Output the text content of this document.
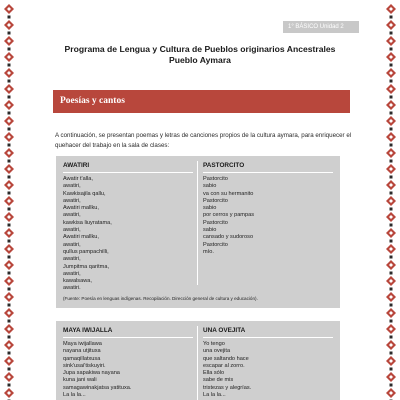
1° BÁSICO Unidad 2
Programa de Lengua y Cultura de Pueblos originarios Ancestrales
Pueblo Aymara
Poesías y cantos
A continuación, se presentan poemas y letras de canciones propios de la cultura aymara, para enriquecer el quehacer del trabajo en la sala de clases:
AWATIRI
Awatir t'alla,
awatiri,
Kawkisajila qallu,
awatiri,
Awatiri mallku,
awatiri,
kawkisa liuyratama,
awatiri,
Awatiri mallku,
awatiri,
qullus pampachilli,
awatiri,
Jumpitma qaritma,
awatiri,
kawalsawa,
awatiri.
PASTORCITO
Pastorcito
sabio
va con su hermanito
Pastorcito
sabio
por cerros y pampas
Pastorcito
sabio
cansado y sudoroso
Pastorcito
mío.
(Fuente: Poesía en lenguas indígenas. Recopilación. Dirección general de cultura y educación).
MAYA IWIJALLA
Maya iwijallawa
nayana utjituxa
qamaqillatxusa
sink'usai'tiskuyiri.
Jupa sapakiwa nayana
kuna jani wali
samagawinakjatsa yatituxa.
La la la...
UNA OVEJITA
Yo tengo
una ovejita
que saltando hace
escapar al zorro.
Ella sólo
sabe de mis
tristezas y alegrías.
La la la...
